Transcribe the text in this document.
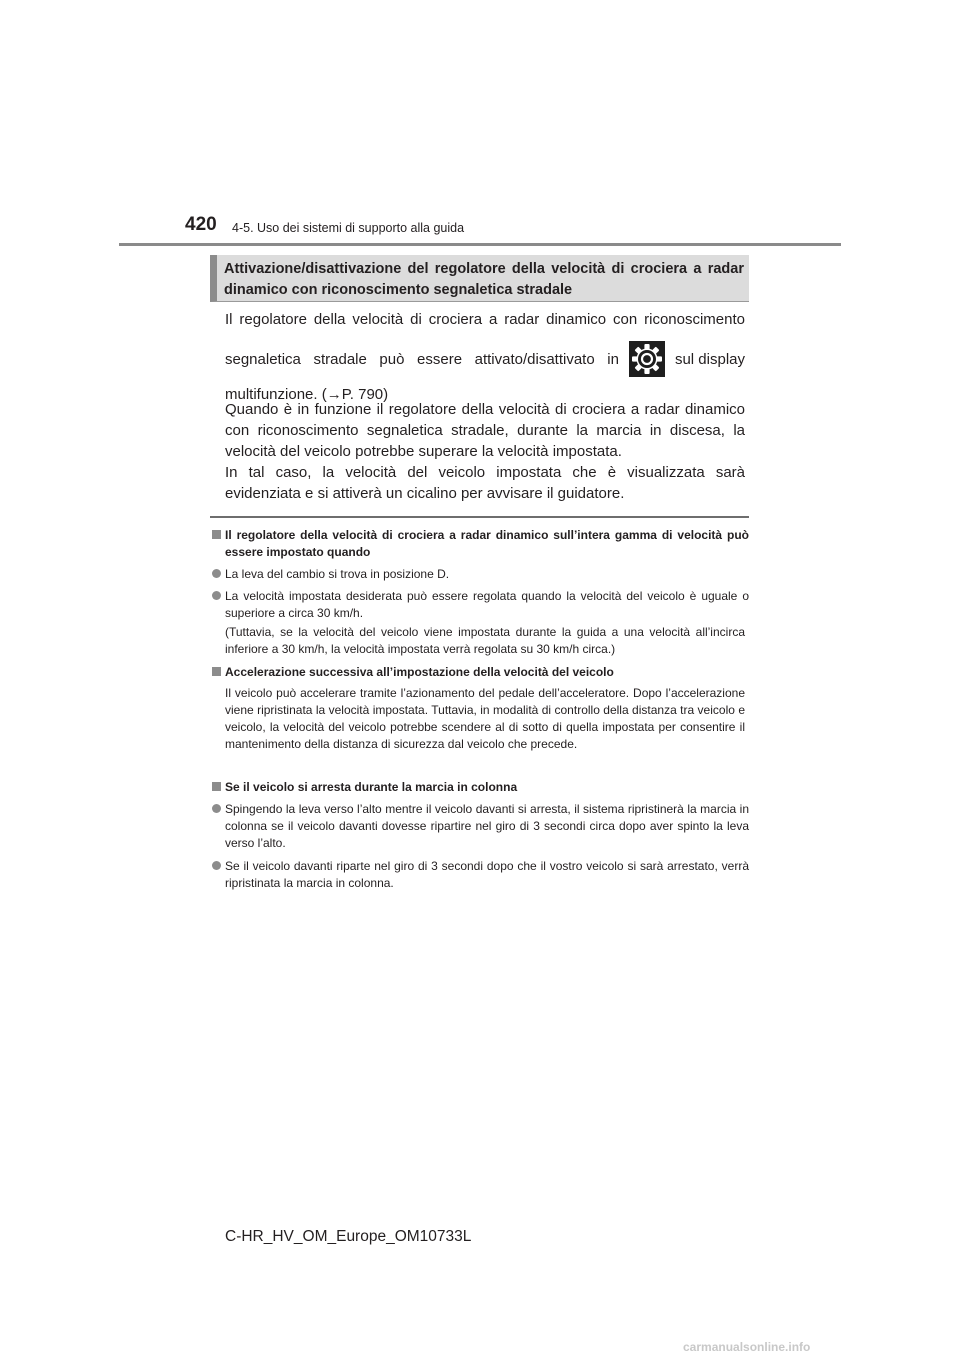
420 4-5. Uso dei sistemi di supporto alla guida
Attivazione/disattivazione del regolatore della velocità di crociera a radar dinamico con riconoscimento segnaletica stradale
Il regolatore della velocità di crociera a radar dinamico con riconoscimento
segnaletica stradale può essere attivato/disattivato in	sul display
multifunzione. (→P. 790)
Quando è in funzione il regolatore della velocità di crociera a radar dinamico con riconoscimento segnaletica stradale, durante la marcia in discesa, la velocità del veicolo potrebbe superare la velocità impostata.
In tal caso, la velocità del veicolo impostata che è visualizzata sarà evidenziata e si attiverà un cicalino per avvisare il guidatore.
Il regolatore della velocità di crociera a radar dinamico sull’intera gamma di velocità può essere impostato quando
La leva del cambio si trova in posizione D.
La velocità impostata desiderata può essere regolata quando la velocità del veicolo è uguale o superiore a circa 30 km/h.
(Tuttavia, se la velocità del veicolo viene impostata durante la guida a una velocità all’incirca inferiore a 30 km/h, la velocità impostata verrà regolata su 30 km/h circa.)
Accelerazione successiva all’impostazione della velocità del veicolo
Il veicolo può accelerare tramite l’azionamento del pedale dell’acceleratore. Dopo l’accelerazione viene ripristinata la velocità impostata. Tuttavia, in modalità di controllo della distanza tra veicolo e veicolo, la velocità del veicolo potrebbe scendere al di sotto di quella impostata per consentire il mantenimento della distanza di sicurezza dal veicolo che precede.
Se il veicolo si arresta durante la marcia in colonna
Spingendo la leva verso l’alto mentre il veicolo davanti si arresta, il sistema ripristinerà la marcia in colonna se il veicolo davanti dovesse ripartire nel giro di 3 secondi circa dopo aver spinto la leva verso l’alto.
Se il veicolo davanti riparte nel giro di 3 secondi dopo che il vostro veicolo si sarà arrestato, verrà ripristinata la marcia in colonna.
C-HR_HV_OM_Europe_OM10733L
carmanualsonline.info
